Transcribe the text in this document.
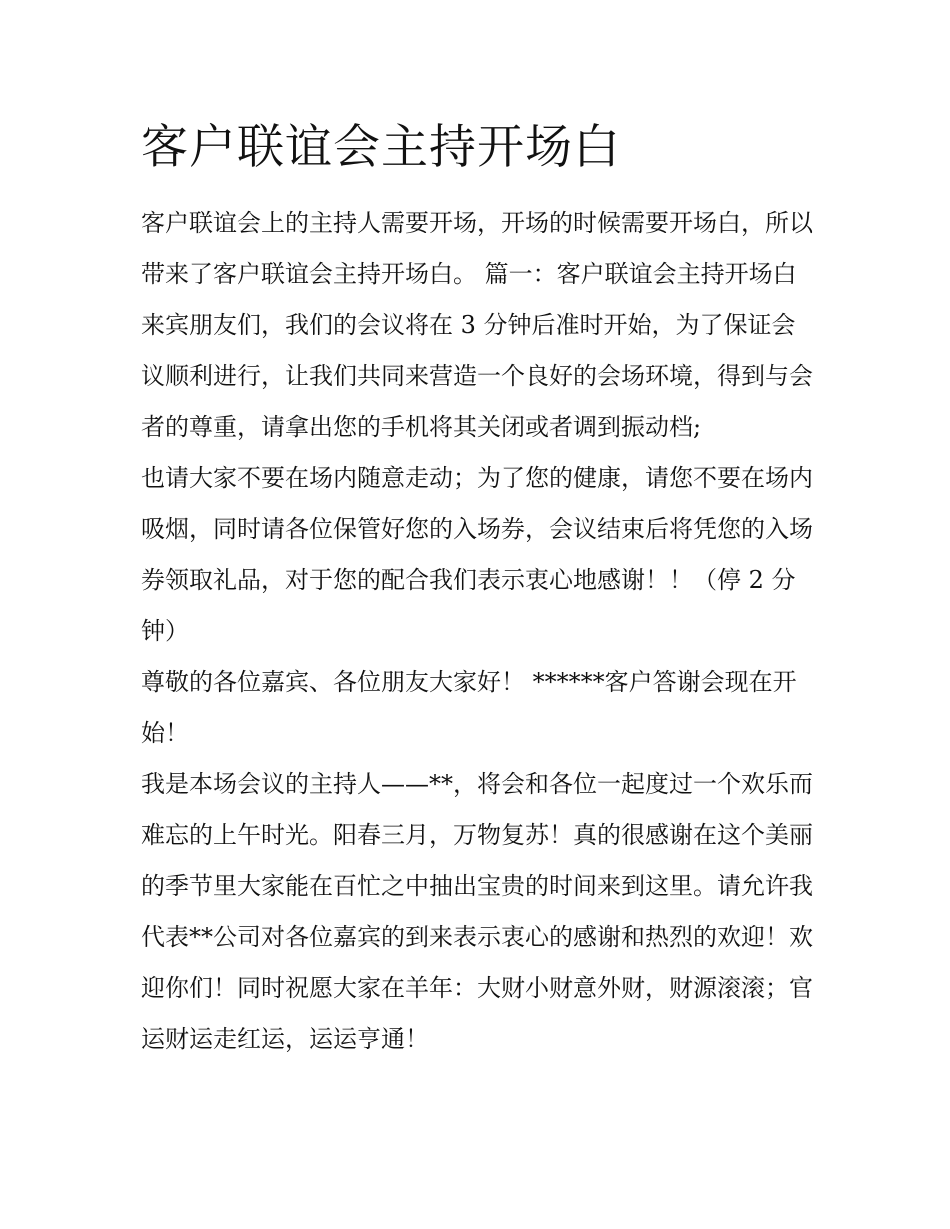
客户联谊会主持开场白

客户联谊会上的主持人需要开场，开场的时候需要开场白，所以带来了客户联谊会主持开场白。 篇一：客户联谊会主持开场白

来宾朋友们，我们的会议将在 3 分钟后准时开始，为了保证会议顺利进行，让我们共同来营造一个良好的会场环境，得到与会者的尊重，请拿出您的手机将其关闭或者调到振动档;

也请大家不要在场内随意走动；为了您的健康，请您不要在场内吸烟，同时请各位保管好您的入场券，会议结束后将凭您的入场券领取礼品，对于您的配合我们表示衷心地感谢！！（停 2 分钟）

尊敬的各位嘉宾、各位朋友大家好！ ******客户答谢会现在开始！

我是本场会议的主持人——**，将会和各位一起度过一个欢乐而难忘的上午时光。阳春三月，万物复苏！真的很感谢在这个美丽的季节里大家能在百忙之中抽出宝贵的时间来到这里。请允许我代表**公司对各位嘉宾的到来表示衷心的感谢和热烈的欢迎！欢迎你们！同时祝愿大家在羊年：大财小财意外财，财源滚滚；官运财运走红运，运运亨通！
